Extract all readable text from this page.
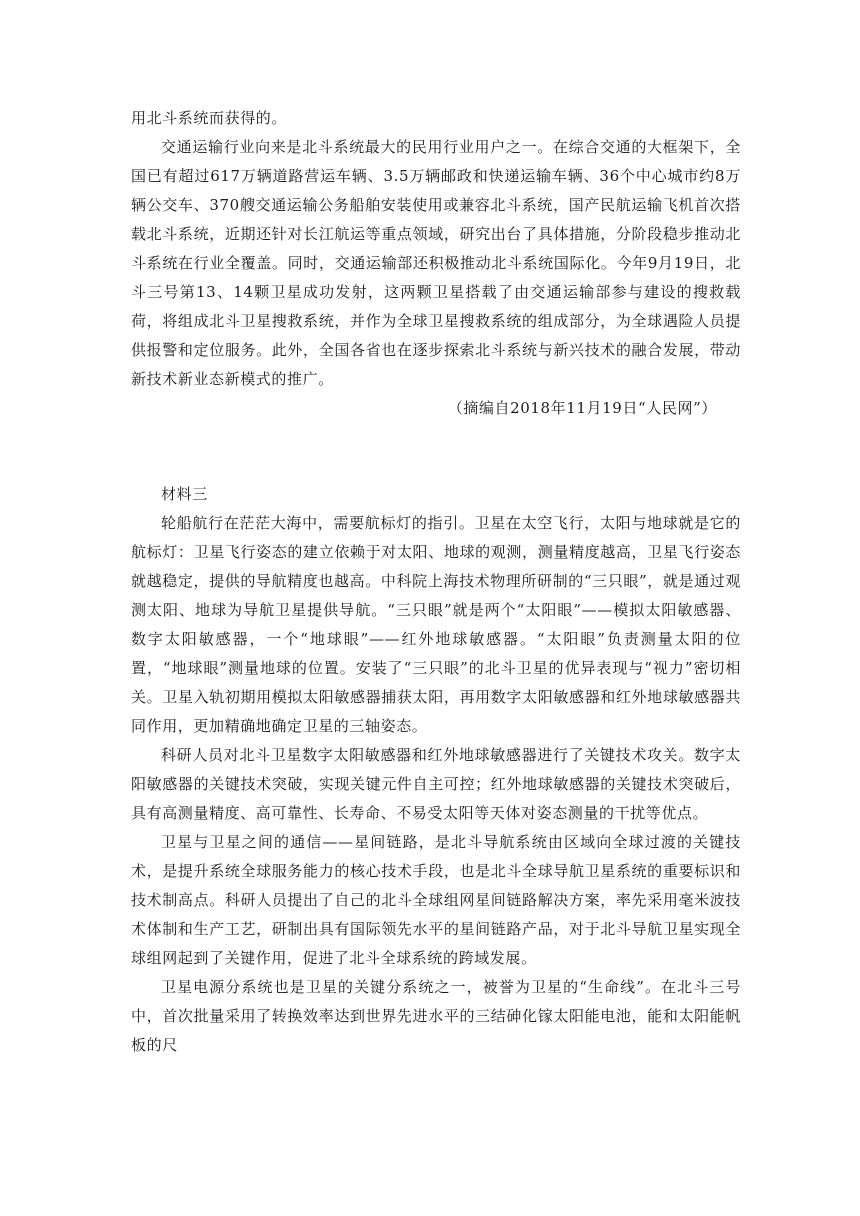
用北斗系统而获得的。

交通运输行业向来是北斗系统最大的民用行业用户之一。在综合交通的大框架下，全国已有超过617万辆道路营运车辆、3.5万辆邮政和快递运输车辆、36个中心城市约8万辆公交车、370艘交通运输公务船舶安装使用或兼容北斗系统，国产民航运输飞机首次搭载北斗系统，近期还针对长江航运等重点领域，研究出台了具体措施，分阶段稳步推动北斗系统在行业全覆盖。同时，交通运输部还积极推动北斗系统国际化。今年9月19日，北斗三号第13、14颗卫星成功发射，这两颗卫星搭载了由交通运输部参与建设的搜救载荷，将组成北斗卫星搜救系统，并作为全球卫星搜救系统的组成部分，为全球遇险人员提供报警和定位服务。此外，全国各省也在逐步探索北斗系统与新兴技术的融合发展，带动新技术新业态新模式的推广。

（摘编自2018年11月19日“人民网”）

材料三

轮船航行在茫茫大海中，需要航标灯的指引。卫星在太空飞行，太阳与地球就是它的航标灯：卫星飞行姿态的建立依赖于对太阳、地球的观测，测量精度越高，卫星飞行姿态就越稳定，提供的导航精度也越高。中科院上海技术物理所研制的“三只眼”，就是通过观测太阳、地球为导航卫星提供导航。“三只眼”就是两个“太阳眼”——模拟太阳敏感器、数字太阳敏感器，一个“地球眼”——红外地球敏感器。“太阳眼”负责测量太阳的位置，“地球眼”测量地球的位置。安装了“三只眼”的北斗卫星的优异表现与“视力”密切相关。卫星入轨初期用模拟太阳敏感器捕获太阳，再用数字太阳敏感器和红外地球敏感器共同作用，更加精确地确定卫星的三轴姿态。

科研人员对北斗卫星数字太阳敏感器和红外地球敏感器进行了关键技术攻关。数字太阳敏感器的关键技术突破，实现关键元件自主可控；红外地球敏感器的关键技术突破后，具有高测量精度、高可靠性、长寿命、不易受太阳等天体对姿态测量的干扰等优点。

卫星与卫星之间的通信——星间链路，是北斗导航系统由区域向全球过渡的关键技术，是提升系统全球服务能力的核心技术手段，也是北斗全球导航卫星系统的重要标识和技术制高点。科研人员提出了自己的北斗全球组网星间链路解决方案，率先采用毫米波技术体制和生产工艺，研制出具有国际领先水平的星间链路产品，对于北斗导航卫星实现全球组网起到了关键作用，促进了北斗全球系统的跨域发展。

卫星电源分系统也是卫星的关键分系统之一，被誉为卫星的“生命线”。在北斗三号中，首次批量采用了转换效率达到世界先进水平的三结砷化镓太阳能电池，能和太阳能帆板的尺
